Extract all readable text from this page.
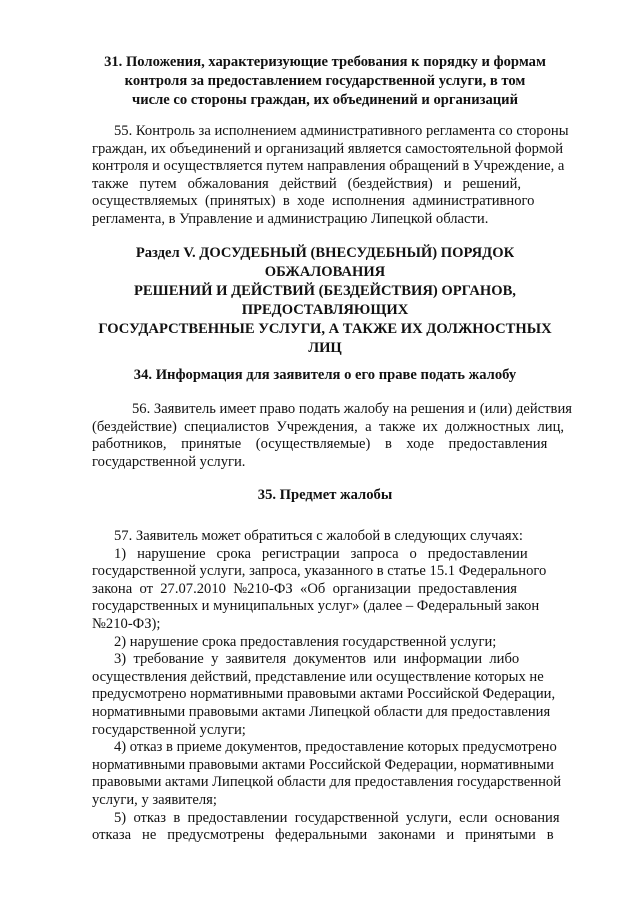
31. Положения, характеризующие требования к порядку и формам
контроля за предоставлением государственной услуги, в том
числе со стороны граждан, их объединений и организаций
55. Контроль за исполнением административного регламента со стороны
граждан, их объединений и организаций является самостоятельной формой
контроля и осуществляется путем направления обращений в Учреждение, а
также   путем   обжалования   действий   (бездействия)   и   решений,
осуществляемых  (принятых)  в  ходе  исполнения  административного
регламента, в Управление и администрацию Липецкой области.
Раздел V. ДОСУДЕБНЫЙ (ВНЕСУДЕБНЫЙ) ПОРЯДОК
ОБЖАЛОВАНИЯ
РЕШЕНИЙ И ДЕЙСТВИЙ (БЕЗДЕЙСТВИЯ) ОРГАНОВ,
ПРЕДОСТАВЛЯЮЩИХ
ГОСУДАРСТВЕННЫЕ УСЛУГИ, А ТАКЖЕ ИХ ДОЛЖНОСТНЫХ
ЛИЦ
34. Информация для заявителя о его праве подать жалобу
56. Заявитель имеет право подать жалобу на решения и (или) действия
(бездействие)  специалистов  Учреждения,  а  также  их  должностных  лиц,
работников,    принятые    (осуществляемые)    в    ходе    предоставления
государственной услуги.
35. Предмет жалобы
57. Заявитель может обратиться с жалобой в следующих случаях:
1)   нарушение   срока   регистрации   запроса   о   предоставлении
государственной услуги, запроса, указанного в статье 15.1 Федерального
закона  от  27.07.2010  №210-ФЗ  «Об  организации  предоставления
государственных и муниципальных услуг» (далее – Федеральный закон
№210-ФЗ);
2) нарушение срока предоставления государственной услуги;
3)  требование  у  заявителя  документов  или  информации  либо
осуществления действий, представление или осуществление которых не
предусмотрено нормативными правовыми актами Российской Федерации,
нормативными правовыми актами Липецкой области для предоставления
государственной услуги;
4) отказ в приеме документов, предоставление которых предусмотрено
нормативными правовыми актами Российской Федерации, нормативными
правовыми актами Липецкой области для предоставления государственной
услуги, у заявителя;
5)  отказ  в  предоставлении  государственной  услуги,  если  основания
отказа   не   предусмотрены   федеральными   законами   и   принятыми   в
